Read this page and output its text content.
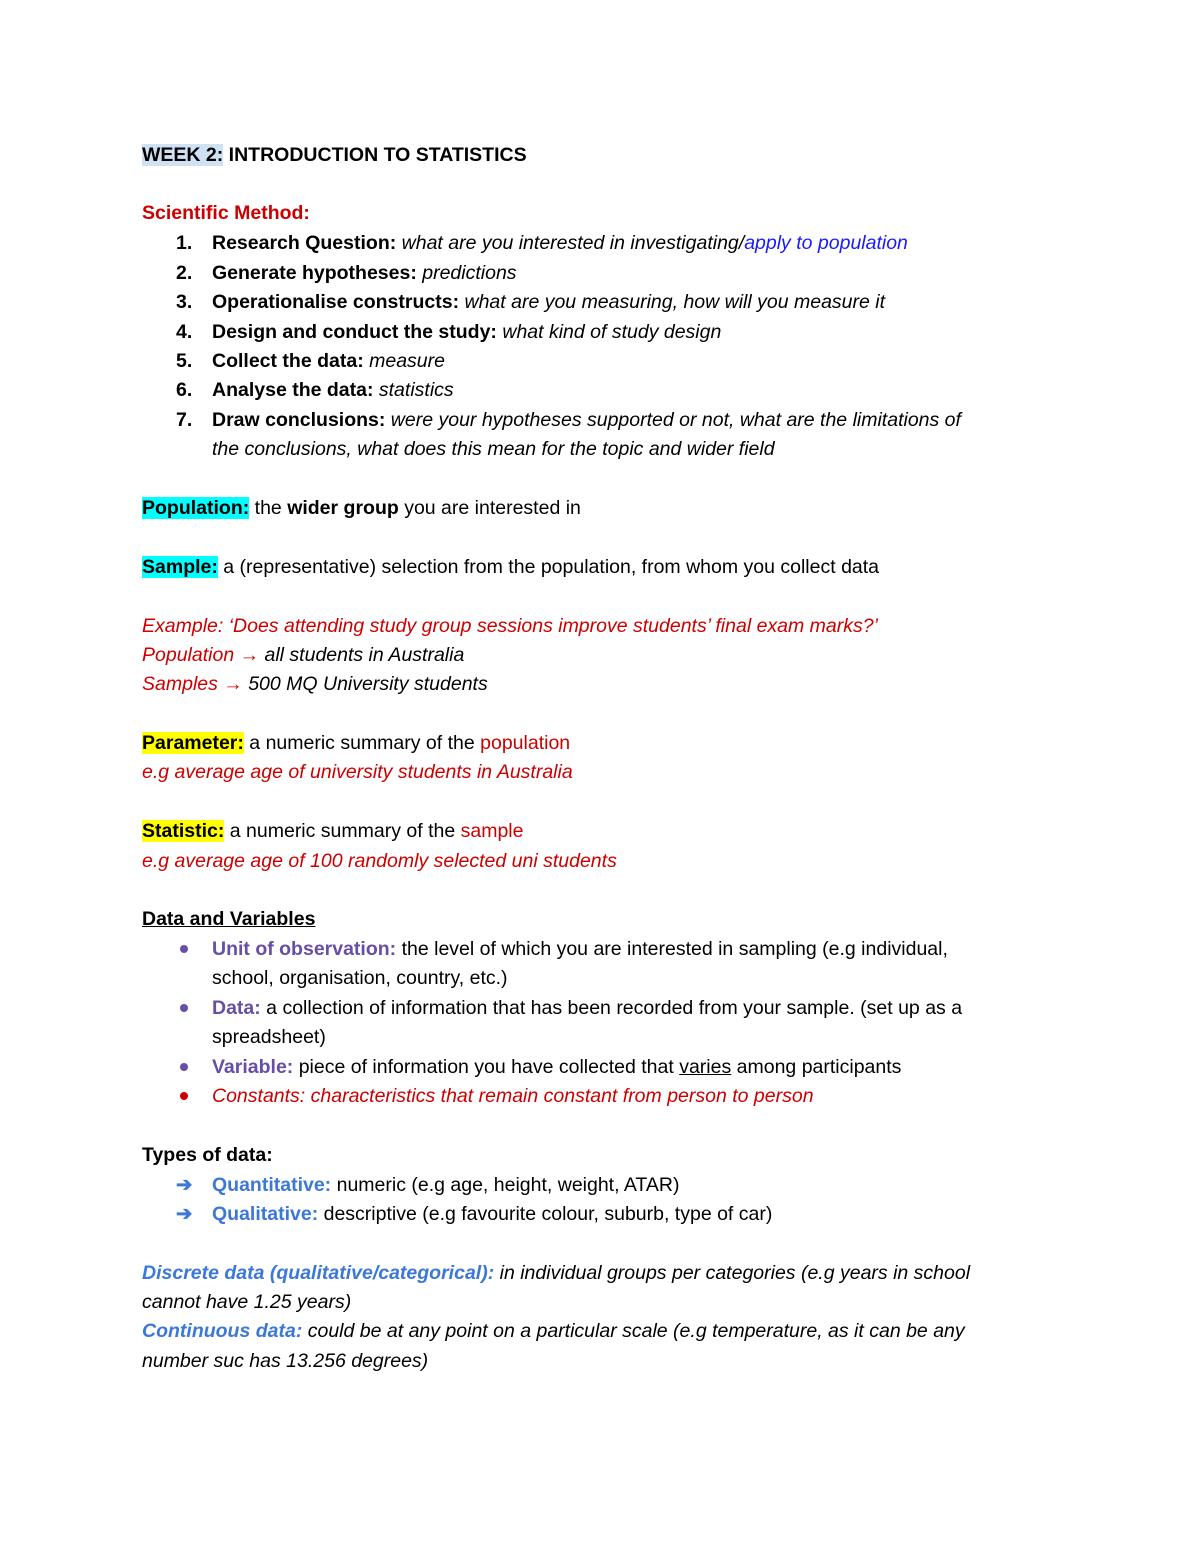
WEEK 2: INTRODUCTION TO STATISTICS
Scientific Method:
1.	Research Question: what are you interested in investigating/apply to population
2.	Generate hypotheses: predictions
3.	Operationalise constructs: what are you measuring, how will you measure it
4.	Design and conduct the study: what kind of study design
5.	Collect the data: measure
6.	Analyse the data: statistics
7.	Draw conclusions: were your hypotheses supported or not, what are the limitations of
the conclusions, what does this mean for the topic and wider field
Population: the wider group you are interested in
Sample: a (representative) selection from the population, from whom you collect data
Example: ‘Does attending study group sessions improve students’ final exam marks?’
Population → all students in Australia
Samples → 500 MQ University students
Parameter: a numeric summary of the population
e.g average age of university students in Australia
Statistic: a numeric summary of the sample
e.g average age of 100 randomly selected uni students
Data and Variables
Unit of observation: the level of which you are interested in sampling (e.g individual,
school, organisation, country, etc.)
Data: a collection of information that has been recorded from your sample. (set up as a
spreadsheet)
Variable: piece of information you have collected that varies among participants
Constants: characteristics that remain constant from person to person
Types of data:
➔ Quantitative: numeric (e.g age, height, weight, ATAR)
➔ Qualitative: descriptive (e.g favourite colour, suburb, type of car)
Discrete data (qualitative/categorical): in individual groups per categories (e.g years in school
cannot have 1.25 years)
Continuous data: could be at any point on a particular scale (e.g temperature, as it can be any
number suc has 13.256 degrees)
